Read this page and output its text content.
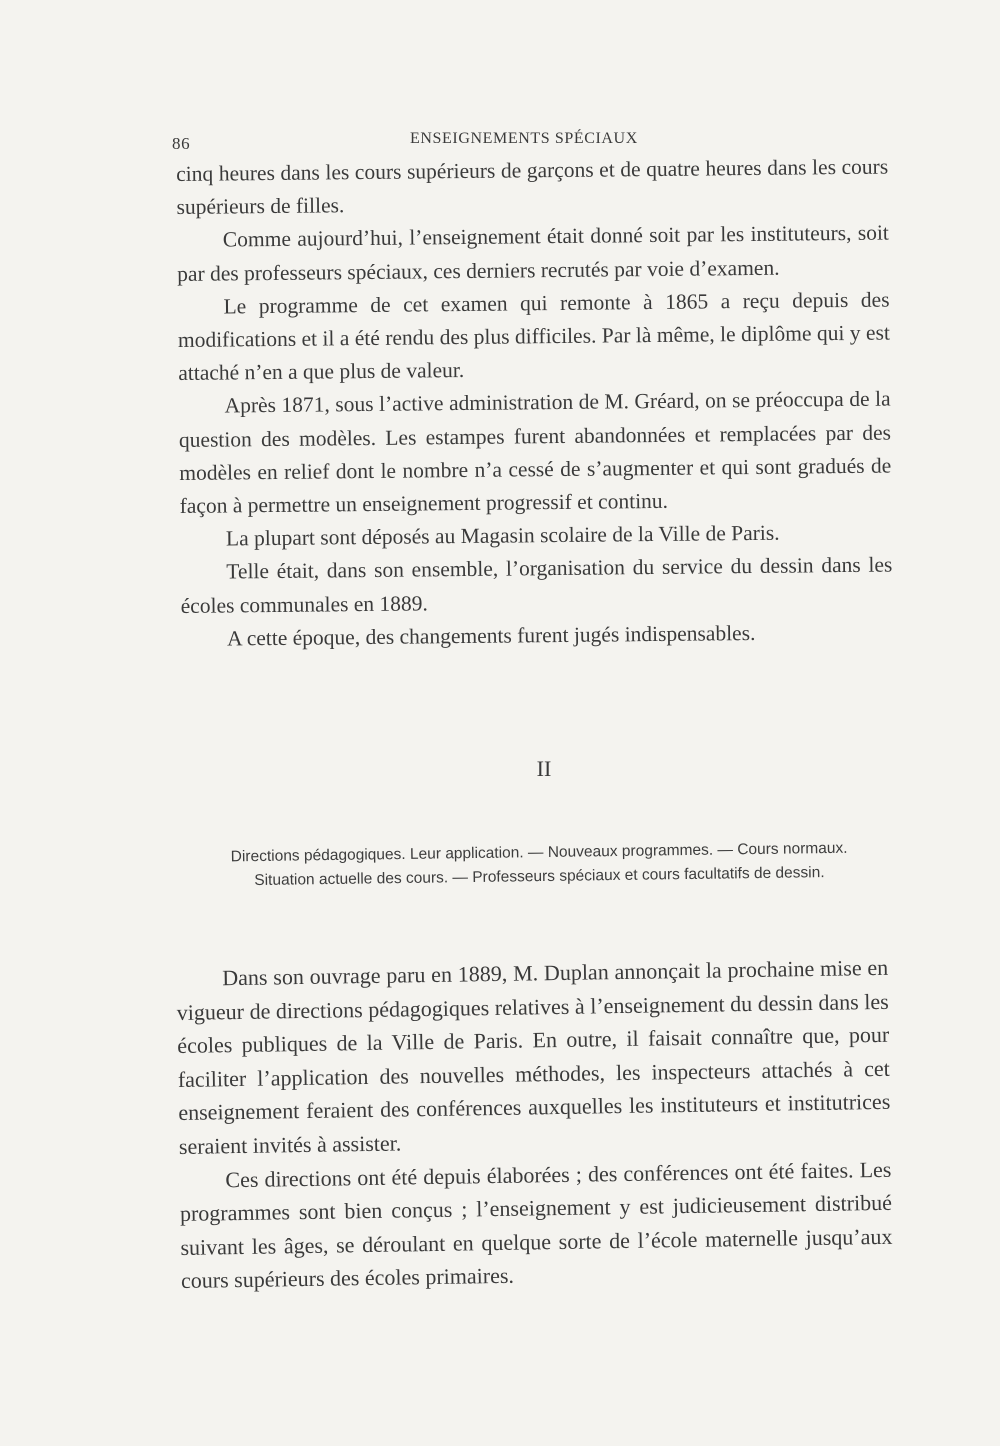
86	ENSEIGNEMENTS SPÉCIAUX

cinq heures dans les cours supérieurs de garçons et de quatre heures dans les cours supérieurs de filles.

Comme aujourd’hui, l’enseignement était donné soit par les instituteurs, soit par des professeurs spéciaux, ces derniers recrutés par voie d’examen.

Le programme de cet examen qui remonte à 1865 a reçu depuis des modifications et il a été rendu des plus difficiles. Par là même, le diplôme qui y est attaché n’en a que plus de valeur.

Après 1871, sous l’active administration de M. Gréard, on se préoccupa de la question des modèles. Les estampes furent abandonnées et remplacées par des modèles en relief dont le nombre n’a cessé de s’augmenter et qui sont gradués de façon à permettre un enseignement progressif et continu.

La plupart sont déposés au Magasin scolaire de la Ville de Paris.

Telle était, dans son ensemble, l’organisation du service du dessin dans les écoles communales en 1889.

A cette époque, des changements furent jugés indispensables.

II
Directions pédagogiques. Leur application. — Nouveaux programmes. — Cours normaux.
Situation actuelle des cours. — Professeurs spéciaux et cours facultatifs de dessin.

Dans son ouvrage paru en 1889, M. Duplan annonçait la prochaine mise en vigueur de directions pédagogiques relatives à l’enseignement du dessin dans les écoles publiques de la Ville de Paris. En outre, il faisait connaître que, pour faciliter l’application des nouvelles méthodes, les inspecteurs attachés à cet enseignement feraient des conférences auxquelles les instituteurs et institutrices seraient invités à assister.

Ces directions ont été depuis élaborées ; des conférences ont été faites. Les programmes sont bien conçus ; l’enseignement y est judicieusement distribué suivant les âges, se déroulant en quelque sorte de l’école maternelle jusqu’aux cours supérieurs des écoles primaires.
